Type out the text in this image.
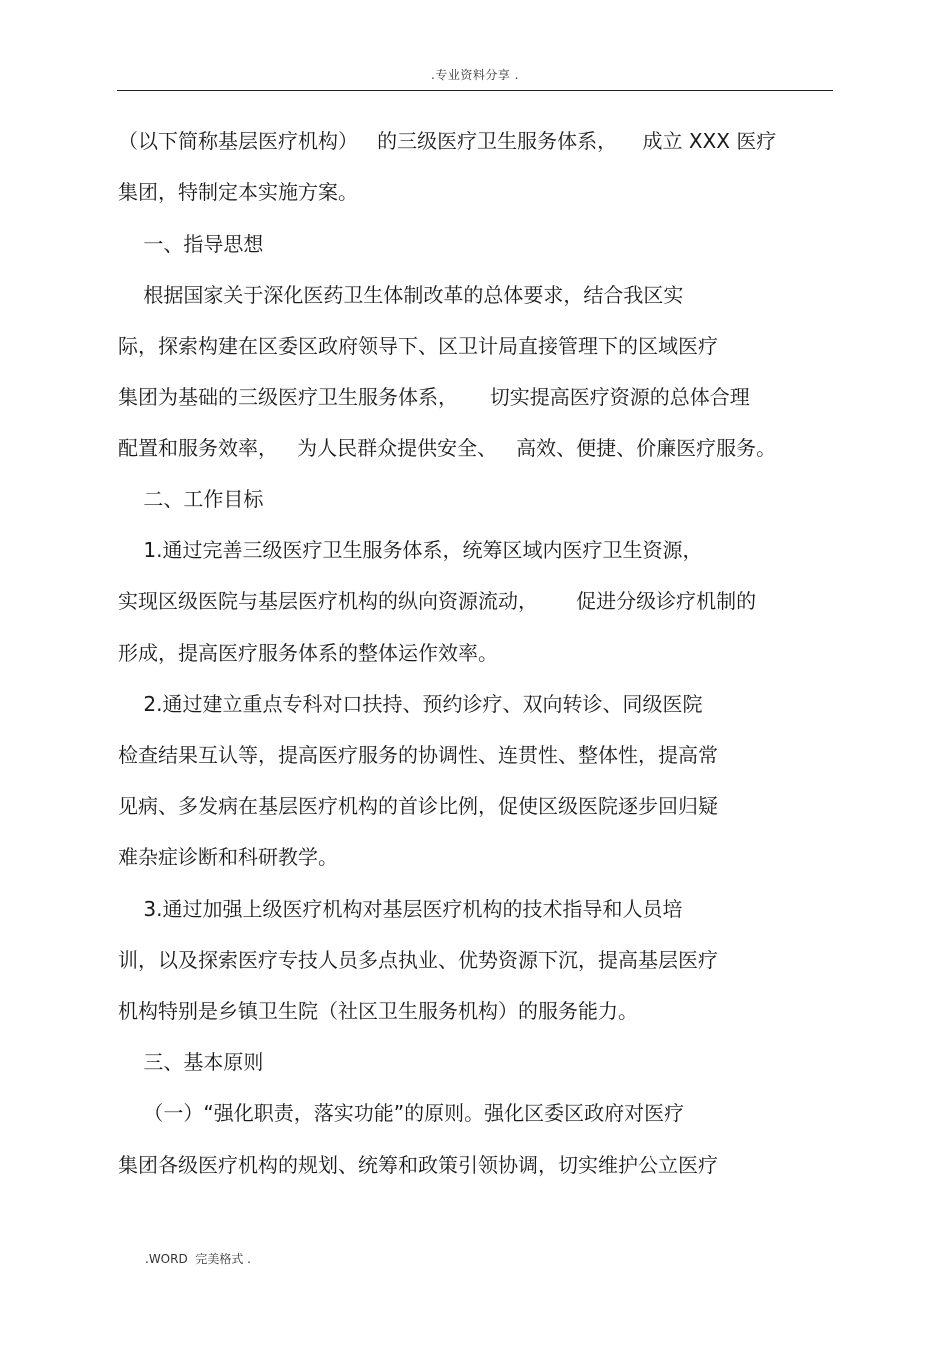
.专业资料分享 .
（以下简称基层医疗机构）   的三级医疗卫生服务体系，    成立 XXX 医疗
集团，特制定本实施方案。
一、指导思想
根据国家关于深化医药卫生体制改革的总体要求，结合我区实
际，探索构建在区委区政府领导下、区卫计局直接管理下的区域医疗
集团为基础的三级医疗卫生服务体系，     切实提高医疗资源的总体合理
配置和服务效率，   为人民群众提供安全、   高效、便捷、价廉医疗服务。
二、工作目标
1.通过完善三级医疗卫生服务体系，统筹区域内医疗卫生资源，
实现区级医院与基层医疗机构的纵向资源流动，      促进分级诊疗机制的
形成，提高医疗服务体系的整体运作效率。
2.通过建立重点专科对口扶持、预约诊疗、双向转诊、同级医院
检查结果互认等，提高医疗服务的协调性、连贯性、整体性，提高常
见病、多发病在基层医疗机构的首诊比例，促使区级医院逐步回归疑
难杂症诊断和科研教学。
3.通过加强上级医疗机构对基层医疗机构的技术指导和人员培
训，以及探索医疗专技人员多点执业、优势资源下沉，提高基层医疗
机构特别是乡镇卫生院（社区卫生服务机构）的服务能力。
三、基本原则
（一）“强化职责，落实功能”的原则。强化区委区政府对医疗
集团各级医疗机构的规划、统筹和政策引领协调，切实维护公立医疗
.WORD  完美格式 .
